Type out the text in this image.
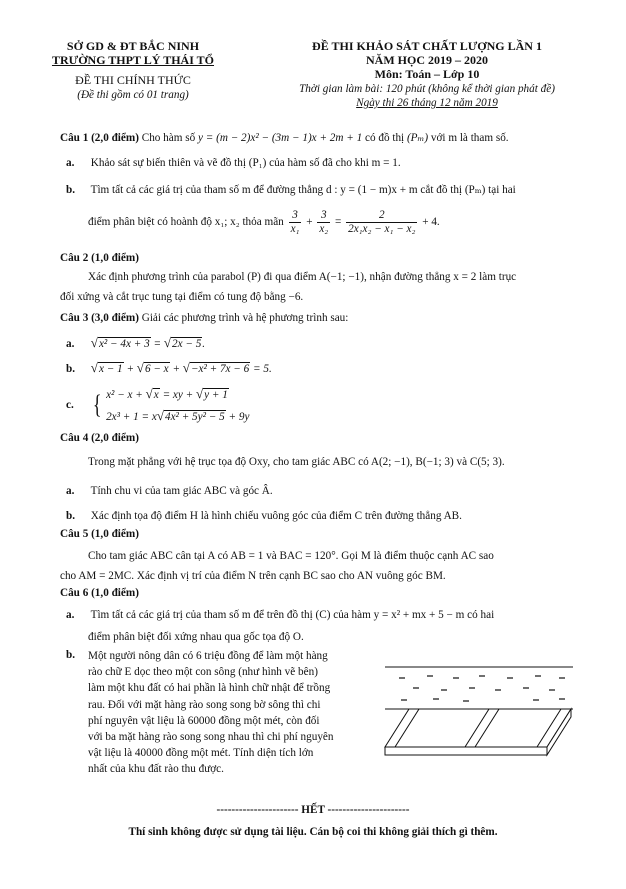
SỞ GD & ĐT BẮC NINH
TRƯỜNG THPT LÝ THÁI TỔ
ĐỀ THI CHÍNH THỨC
(Đề thi gồm có 01 trang)
ĐỀ THI KHẢO SÁT CHẤT LƯỢNG LẦN 1
NĂM HỌC 2019 – 2020
Môn: Toán – Lớp 10
Thời gian làm bài: 120 phút (không kể thời gian phát đề)
Ngày thi 26 tháng 12 năm 2019
Câu 1 (2,0 điểm) Cho hàm số y = (m − 2)x² − (3m − 1)x + 2m + 1 có đồ thị (Pₘ) với m là tham số.
a. Khảo sát sự biến thiên và vẽ đồ thị (P₁) của hàm số đã cho khi m = 1.
b. Tìm tất cả các giá trị của tham số m để đường thẳng d : y = (1 − m)x + m cắt đồ thị (Pₘ) tại hai
điểm phân biệt có hoành độ x₁; x₂ thỏa mãn $\frac{3}{\text{x₁}} + \frac{3}{\text{x₂}} = \frac{2}{\text{2x₁x₂ − x₁ − x₂}} + 4$.
Câu 2 (1,0 điểm)
Xác định phương trình của parabol (P) đi qua điểm A(−1; −1), nhận đường thẳng x = 2 làm trục
đối xứng và cắt trục tung tại điểm có tung độ bằng −6.
Câu 3 (3,0 điểm) Giải các phương trình và hệ phương trình sau:
a. √x² − 4x + 3 = √2x − 5.
b. √x − 1 + √6 − x + √−x² + 7x − 6 = 5.
c. { x² − x + √x = xy + √y + 1
2x³ + 1 = x√4x² + 5y² − 5 + 9y
Câu 4 (2,0 điểm)
Trong mặt phẳng với hệ trục tọa độ Oxy, cho tam giác ABC có A(2; −1), B(−1; 3) và C(5; 3).
a. Tính chu vi của tam giác ABC và góc Â.
b. Xác định tọa độ điểm H là hình chiếu vuông góc của điểm C trên đường thẳng AB.
Câu 5 (1,0 điểm)
Cho tam giác ABC cân tại A có AB = 1 và BAC = 120°. Gọi M là điểm thuộc cạnh AC sao
cho AM = 2MC. Xác định vị trí của điểm N trên cạnh BC sao cho AN vuông góc BM.
Câu 6 (1,0 điểm)
a. Tìm tất cả các giá trị của tham số m để trên đồ thị (C) của hàm y = x² + mx + 5 − m có hai
điểm phân biệt đối xứng nhau qua gốc tọa độ O.
b.	Một người nông dân có 6 triệu đồng để làm một hàng
rào chữ E dọc theo một con sông (như hình vẽ bên)
làm một khu đất có hai phần là hình chữ nhật để trồng
rau. Đối với mặt hàng rào song song bờ sông thì chi
phí nguyên vật liệu là 60000 đồng một mét, còn đối
với ba mặt hàng rào song song nhau thì chi phí nguyên
vật liệu là 40000 đồng một mét. Tính diện tích lớn
nhất của khu đất rào thu được.
---------------------- HẾT ----------------------
Thí sinh không được sử dụng tài liệu. Cán bộ coi thi không giải thích gì thêm.
